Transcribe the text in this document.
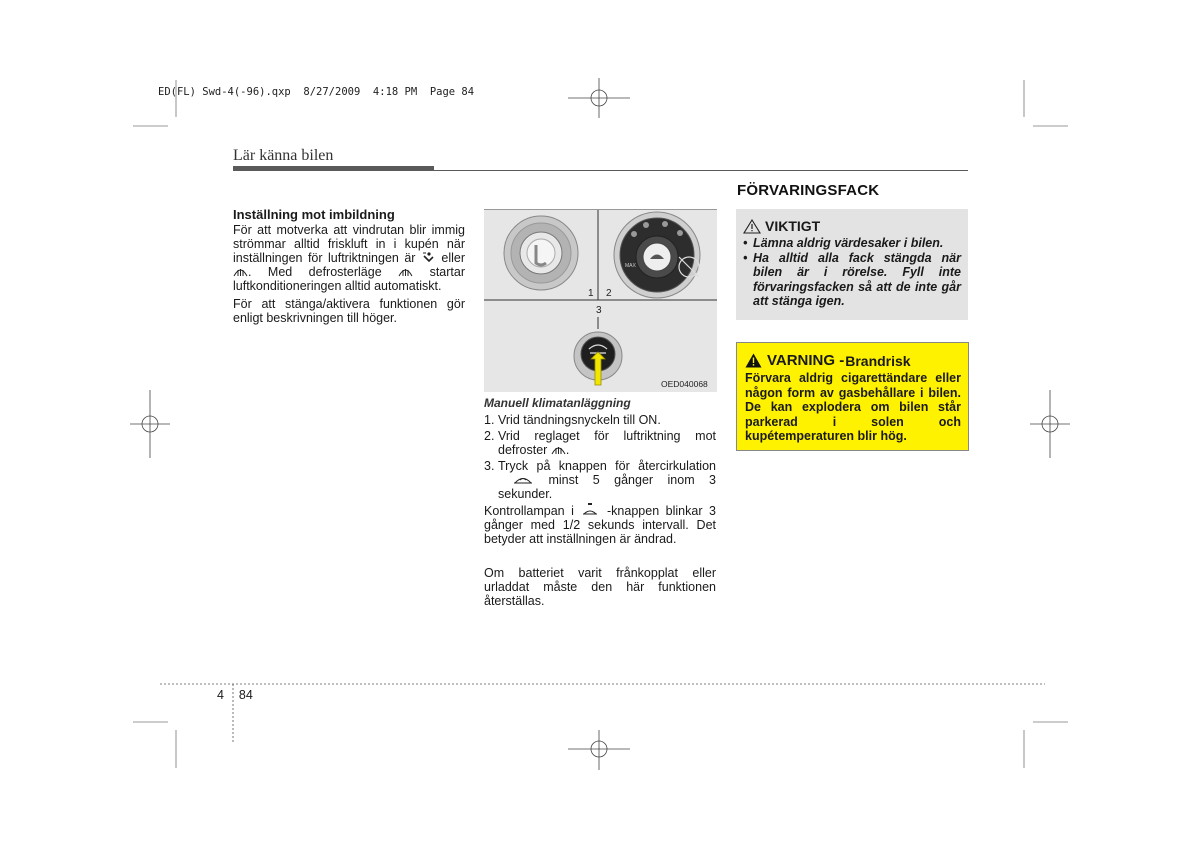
ED(FL) Swd-4(-96).qxp  8/27/2009  4:18 PM  Page 84
Lär känna bilen
Inställning mot imbildning

För att motverka att vindrutan blir immig strömmar alltid friskluft in i kupén när inställningen för luftriktningen är eller . Med defrosterläge	startar luftkonditioneringen alltid automatiskt.

För att stänga/aktivera funktionen gör enligt beskrivningen till höger.

MAX
1 2
3
OED040068
Manuell klimatanläggning
1. Vrid tändningsnyckeln till ON.
2. Vrid reglaget för luftriktning mot defroster .
3. Tryck på knappen för återcirkulation  minst 5 gånger inom 3 sekunder.

Kontrollampan i	-knappen blinkar 3 gånger med 1/2 sekunds intervall. Det betyder att inställningen är ändrad.

Om batteriet varit frånkopplat eller urladdat måste den här funktionen återställas.

FÖRVARINGSFACK
VIKTIGT
• Lämna aldrig värdesaker i bilen.
• Ha alltid alla fack stängda när bilen är i rörelse. Fyll inte förvaringsfacken så att de inte går att stänga igen.
VARNING - Brandrisk
Förvara aldrig cigarettändare eller någon form av gasbehållare i bilen. De kan explodera om bilen står parkerad i solen och kupétemperaturen blir hög.
4 84
